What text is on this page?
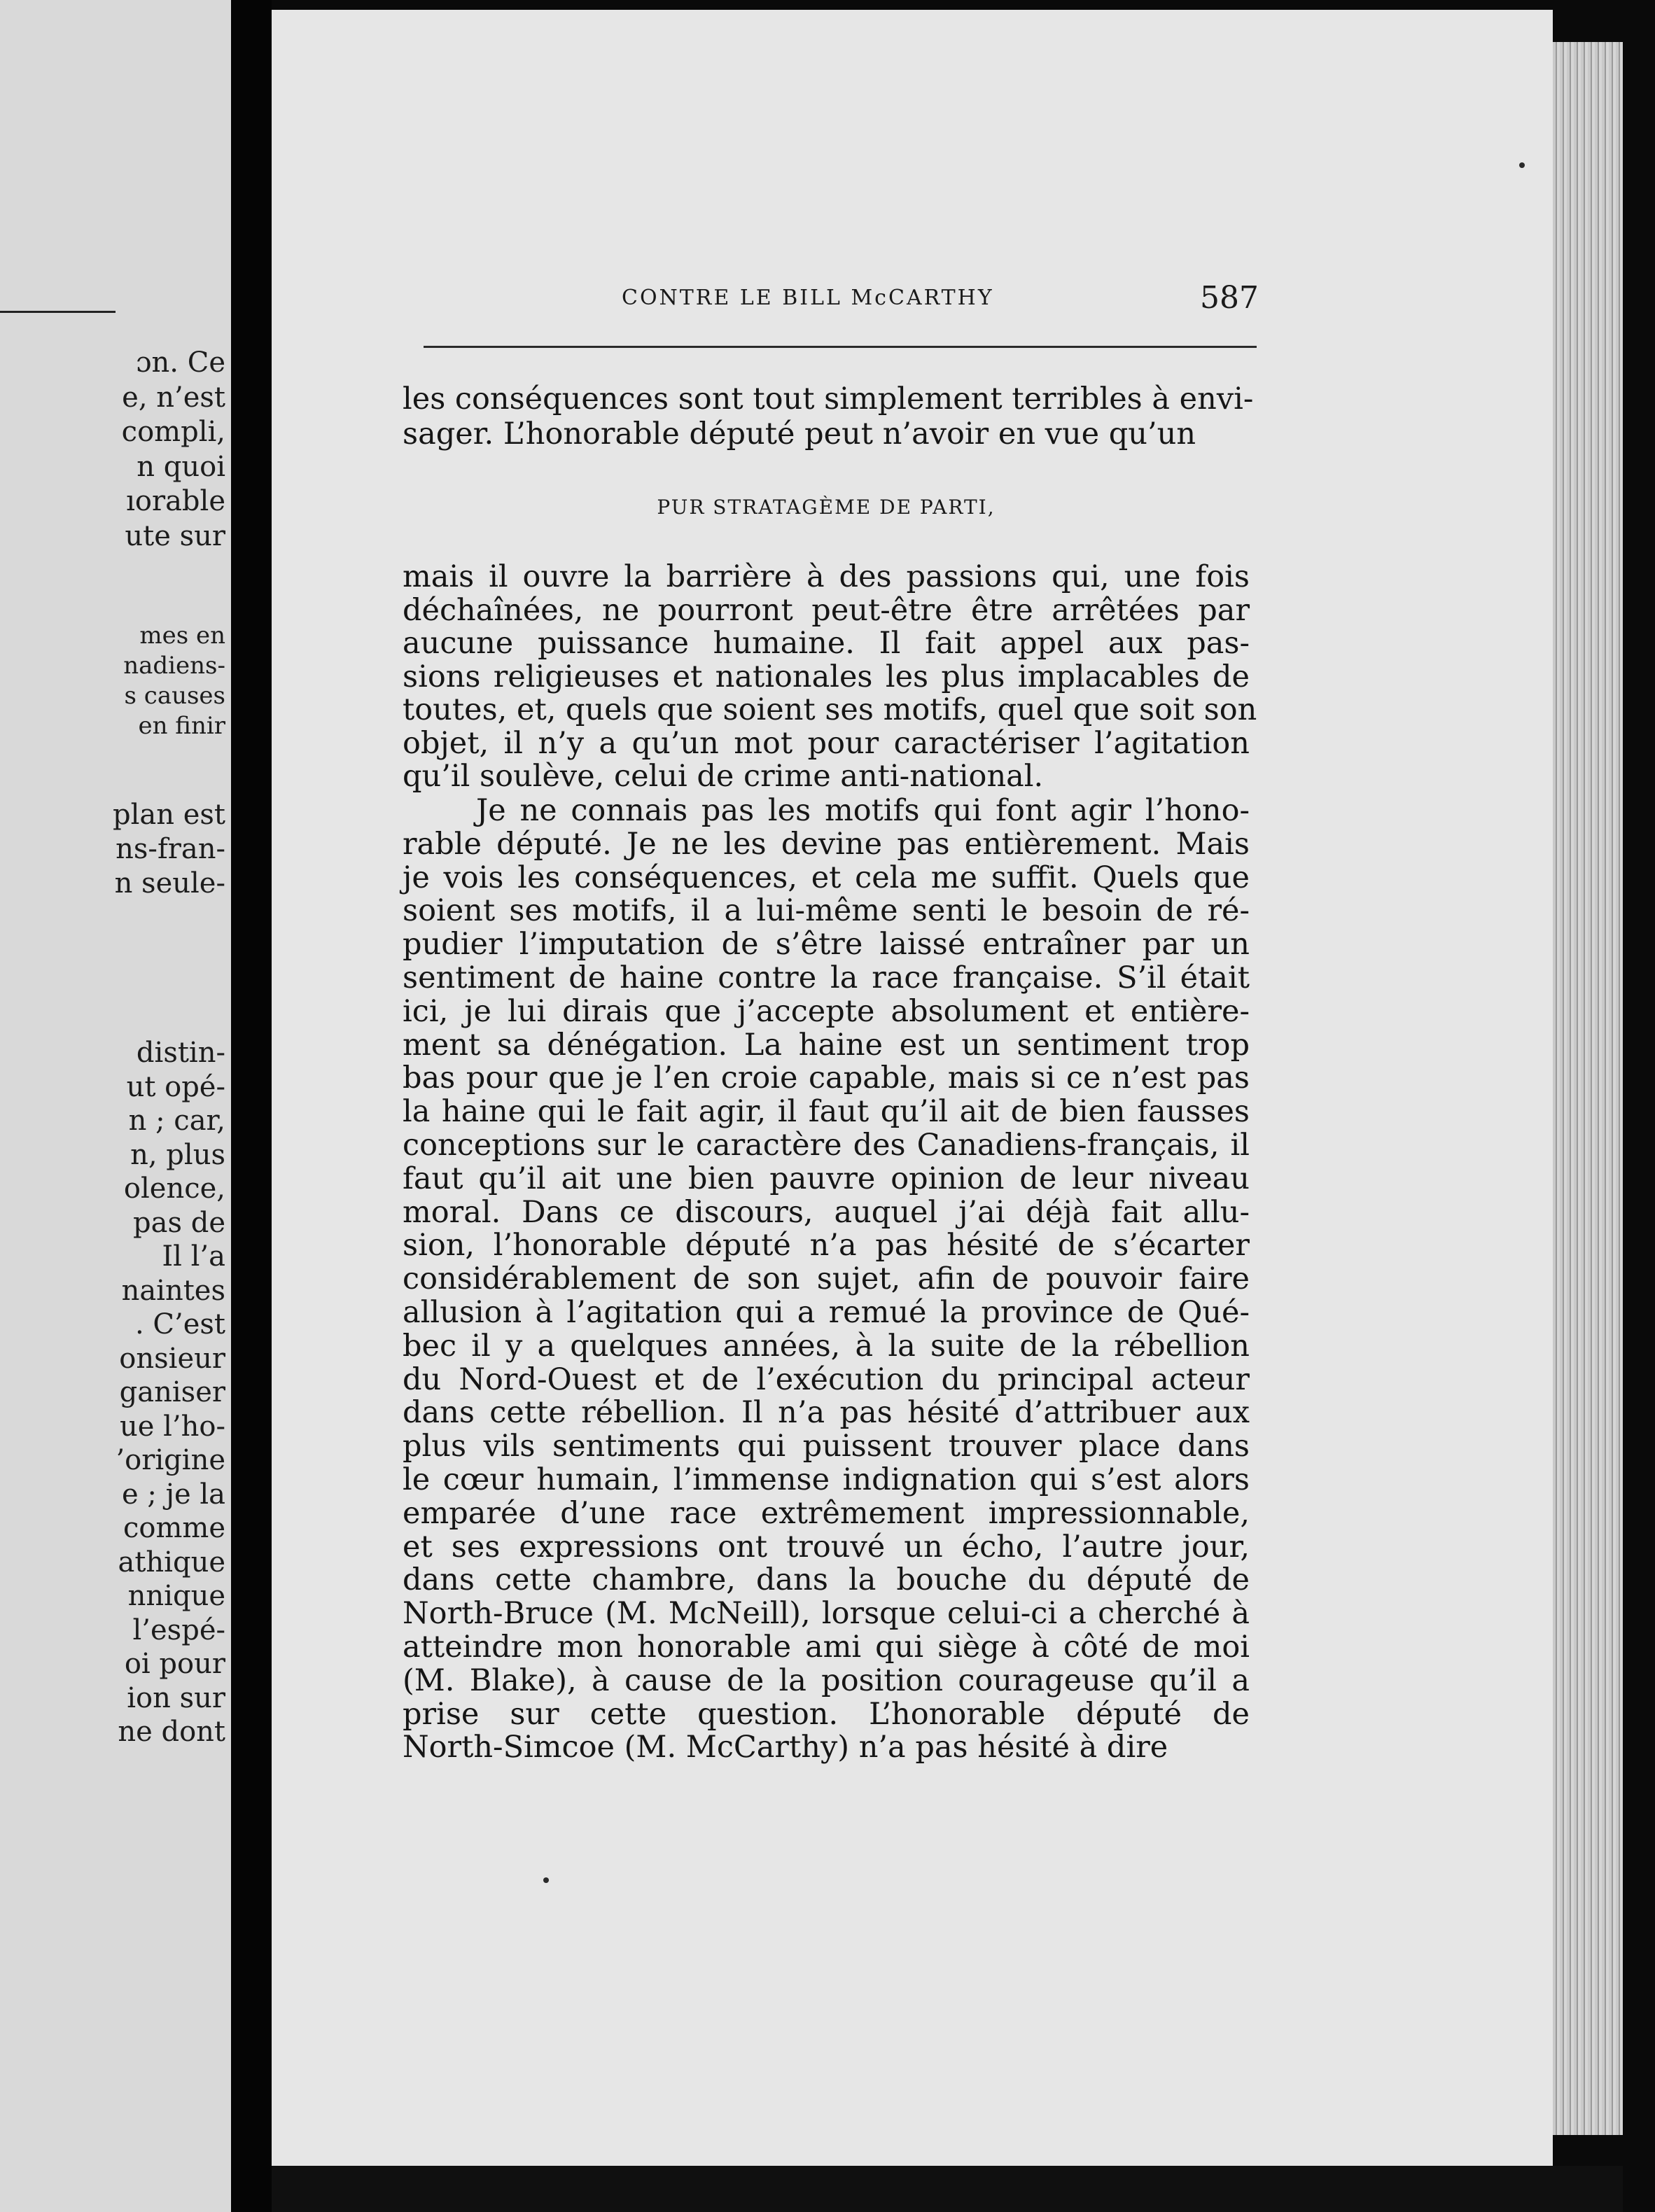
ɔn. Ce
e, n’est
compli,
n quoi
ıorable
ute sur
mes en
nadiens-
s causes
en finir
plan est
ns-fran-
n seule-
distin-
ut opé-
n ; car,
n, plus
olence,
pas de
Il l’a
naintes
. C’est
onsieur
ganiser
ue l’ho-
’origine
e ; je la
comme
athique
nnique
l’espé-
oi pour
ion sur
ne dont
CONTRE LE BILL McCARTHY	587
les conséquences sont tout simplement terribles à envi-
sager. L’honorable député peut n’avoir en vue qu’un
mais il ouvre la barrière à des passions qui, une fois
déchaînées, ne pourront peut-être être arrêtées par
aucune puissance humaine. Il fait appel aux pas-
sions religieuses et nationales les plus implacables de
toutes, et, quels que soient ses motifs, quel que soit son
objet, il n’y a qu’un mot pour caractériser l’agitation
qu’il soulève, celui de crime anti-national.
Je ne connais pas les motifs qui font agir l’hono-
rable député. Je ne les devine pas entièrement. Mais
je vois les conséquences, et cela me suffit. Quels que
soient ses motifs, il a lui-même senti le besoin de ré-
pudier l’imputation de s’être laissé entraîner par un
sentiment de haine contre la race française. S’il était
ici, je lui dirais que j’accepte absolument et entière-
ment sa dénégation. La haine est un sentiment trop
bas pour que je l’en croie capable, mais si ce n’est pas
la haine qui le fait agir, il faut qu’il ait de bien fausses
conceptions sur le caractère des Canadiens-français, il
faut qu’il ait une bien pauvre opinion de leur niveau
moral. Dans ce discours, auquel j’ai déjà fait allu-
sion, l’honorable député n’a pas hésité de s’écarter
considérablement de son sujet, afin de pouvoir faire
allusion à l’agitation qui a remué la province de Qué-
bec il y a quelques années, à la suite de la rébellion
du Nord-Ouest et de l’exécution du principal acteur
dans cette rébellion. Il n’a pas hésité d’attribuer aux
plus vils sentiments qui puissent trouver place dans
le cœur humain, l’immense indignation qui s’est alors
emparée d’une race extrêmement impressionnable,
et ses expressions ont trouvé un écho, l’autre jour,
dans cette chambre, dans la bouche du député de
North-Bruce (M. McNeill), lorsque celui-ci a cherché à
atteindre mon honorable ami qui siège à côté de moi
(M. Blake), à cause de la position courageuse qu’il a
prise sur cette question. L’honorable député de
North-Simcoe (M. McCarthy) n’a pas hésité à dire
PUR STRATAGÈME DE PARTI,
